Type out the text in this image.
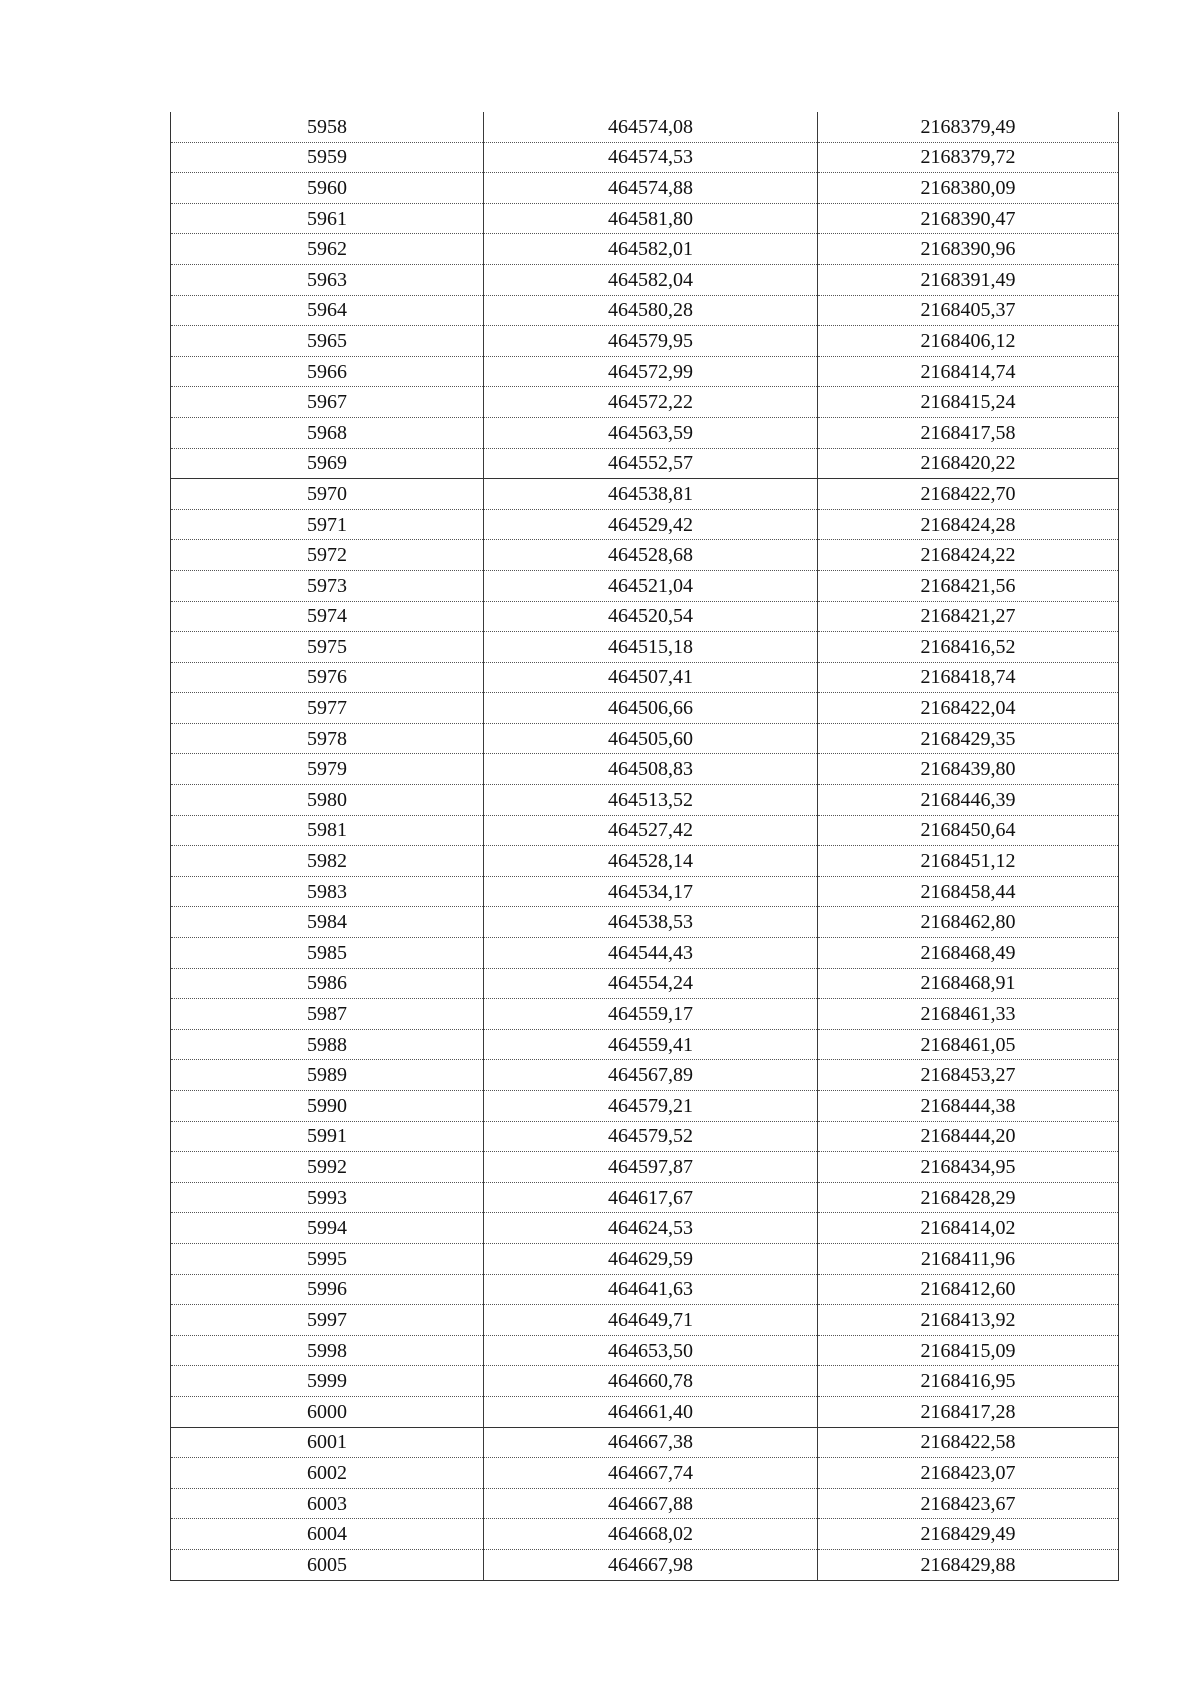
5958	464574,08	2168379,49
5959	464574,53	2168379,72
5960	464574,88	2168380,09
5961	464581,80	2168390,47
5962	464582,01	2168390,96
5963	464582,04	2168391,49
5964	464580,28	2168405,37
5965	464579,95	2168406,12
5966	464572,99	2168414,74
5967	464572,22	2168415,24
5968	464563,59	2168417,58
5969	464552,57	2168420,22
5970	464538,81	2168422,70
5971	464529,42	2168424,28
5972	464528,68	2168424,22
5973	464521,04	2168421,56
5974	464520,54	2168421,27
5975	464515,18	2168416,52
5976	464507,41	2168418,74
5977	464506,66	2168422,04
5978	464505,60	2168429,35
5979	464508,83	2168439,80
5980	464513,52	2168446,39
5981	464527,42	2168450,64
5982	464528,14	2168451,12
5983	464534,17	2168458,44
5984	464538,53	2168462,80
5985	464544,43	2168468,49
5986	464554,24	2168468,91
5987	464559,17	2168461,33
5988	464559,41	2168461,05
5989	464567,89	2168453,27
5990	464579,21	2168444,38
5991	464579,52	2168444,20
5992	464597,87	2168434,95
5993	464617,67	2168428,29
5994	464624,53	2168414,02
5995	464629,59	2168411,96
5996	464641,63	2168412,60
5997	464649,71	2168413,92
5998	464653,50	2168415,09
5999	464660,78	2168416,95
6000	464661,40	2168417,28
6001	464667,38	2168422,58
6002	464667,74	2168423,07
6003	464667,88	2168423,67
6004	464668,02	2168429,49
6005	464667,98	2168429,88
